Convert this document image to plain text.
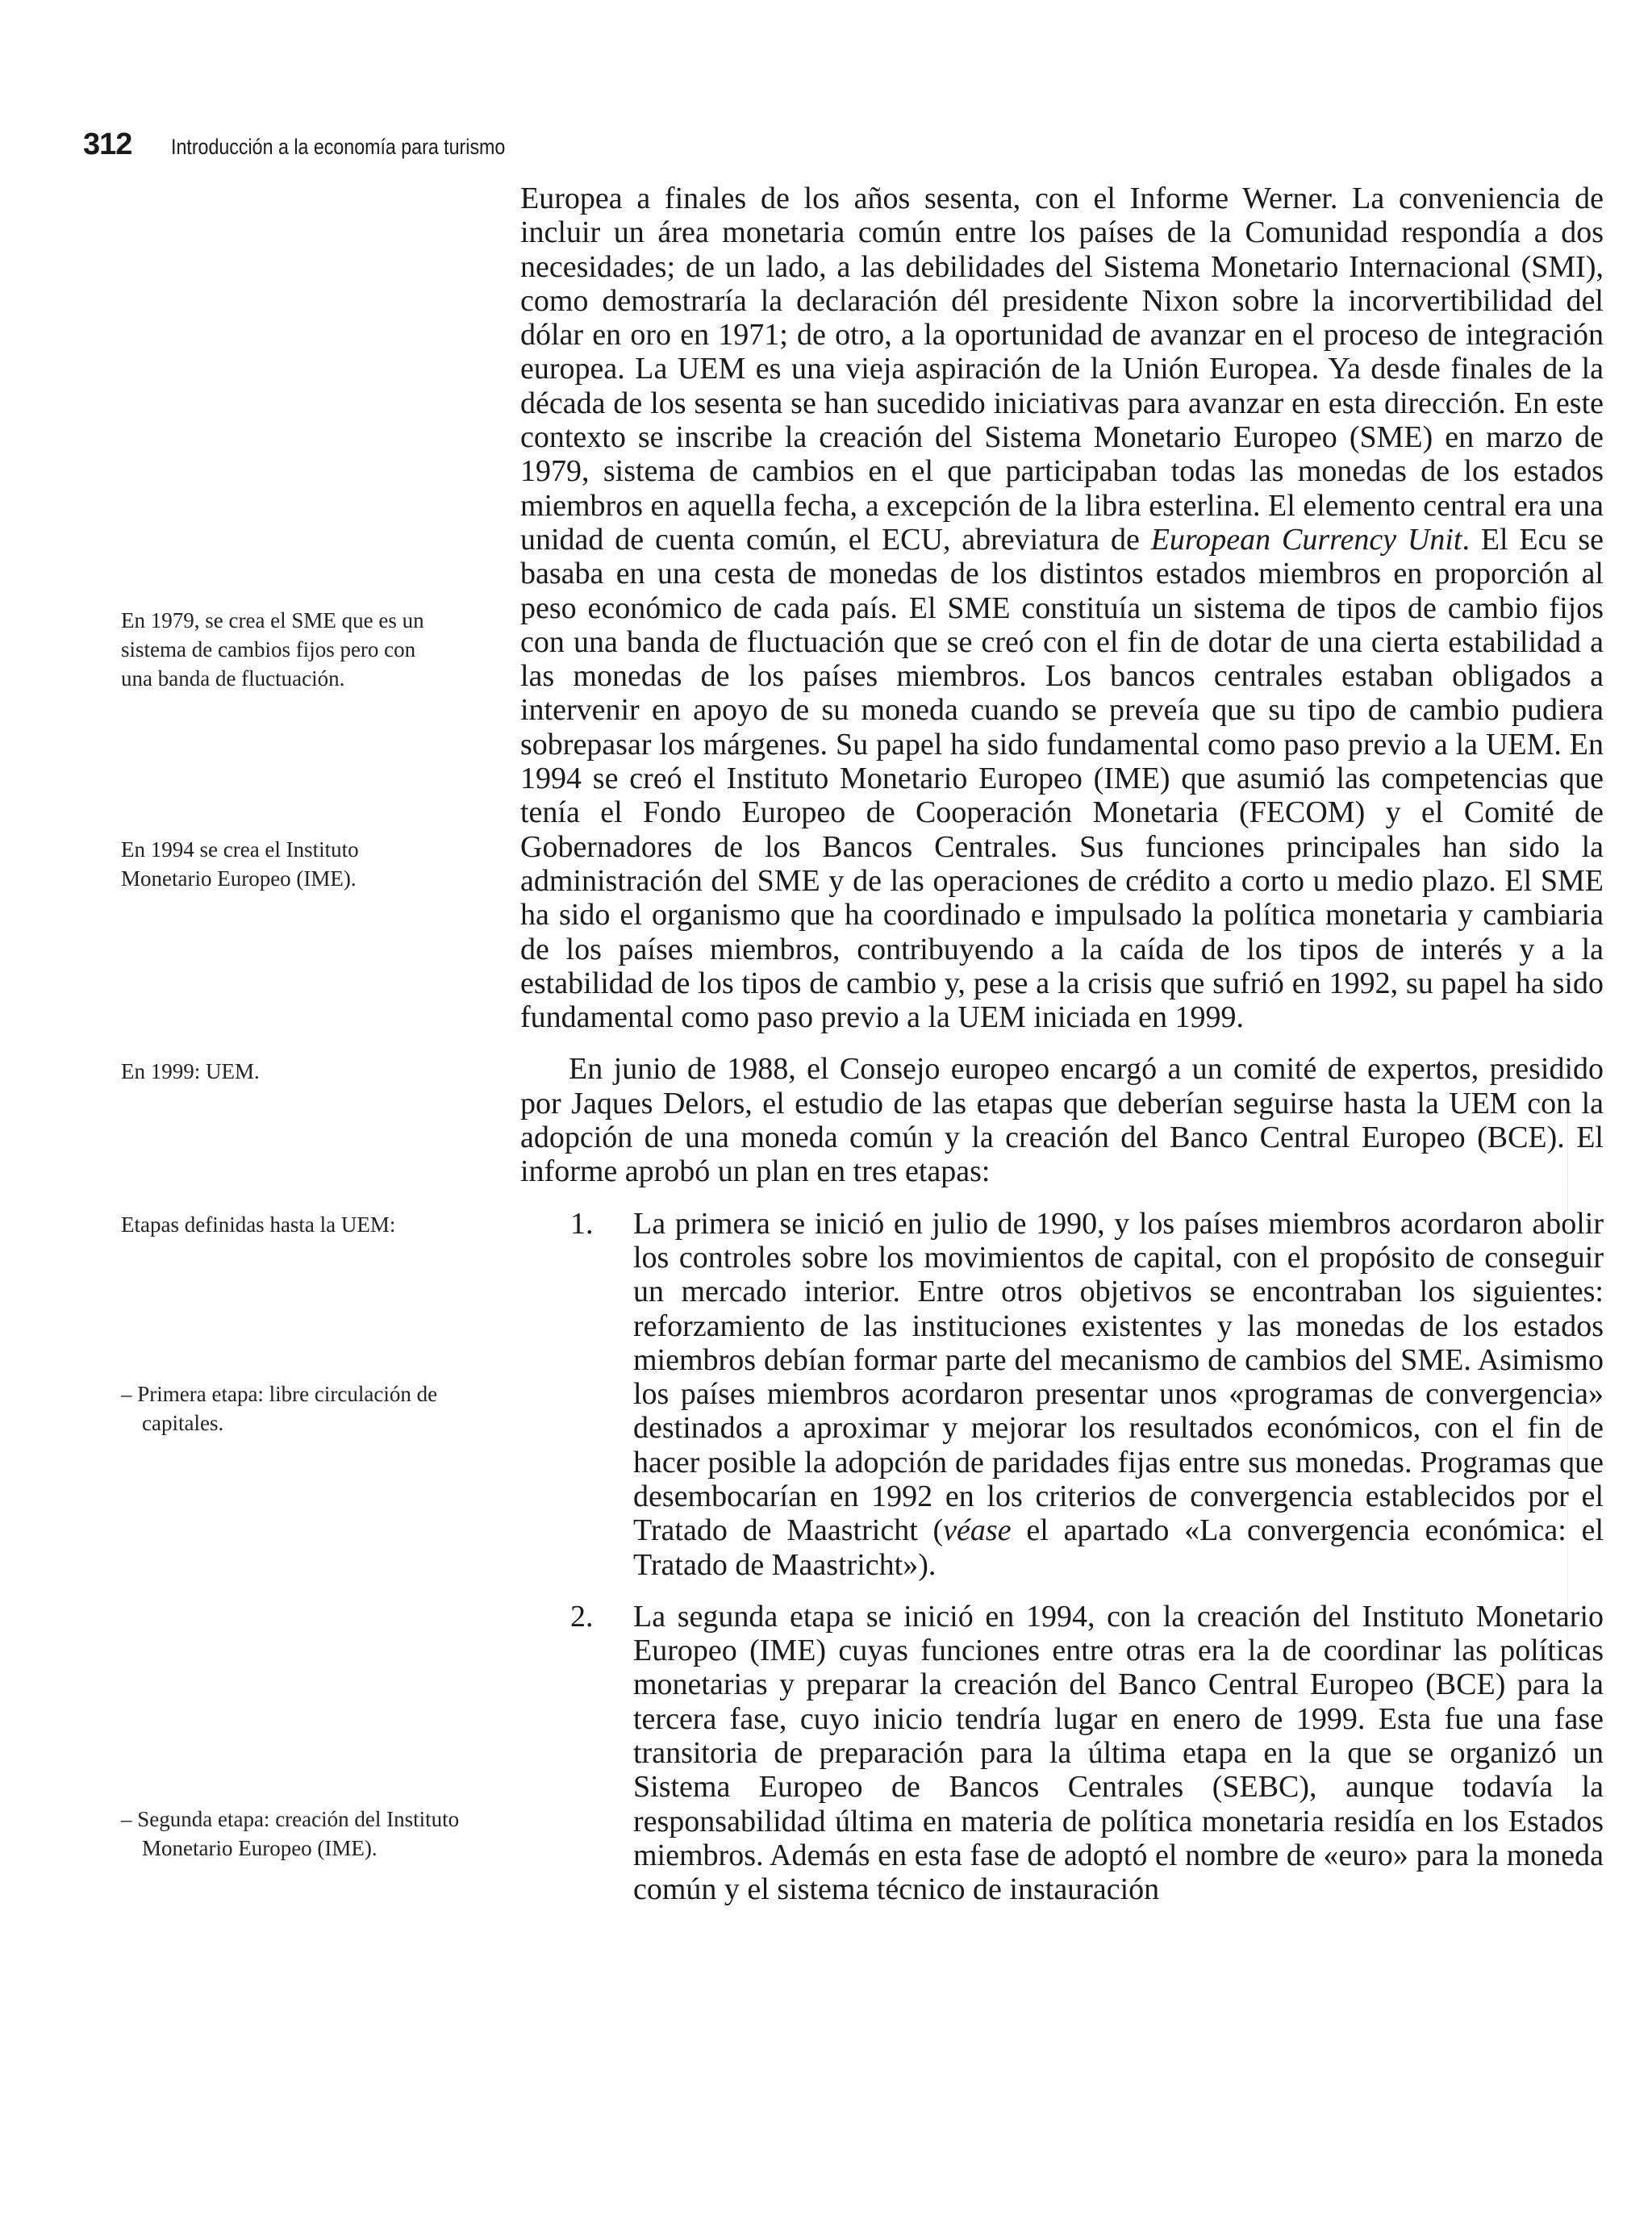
312 Introducción a la economía para turismo

En 1979, se crea el SME que es un sistema de cambios fijos pero con una banda de fluctuación.

En 1994 se crea el Instituto Monetario Europeo (IME).

En 1999: UEM.

Etapas definidas hasta la UEM:

– Primera etapa: libre circulación de capitales.

– Segunda etapa: creación del Instituto Monetario Europeo (IME).

Europea a finales de los años sesenta, con el Informe Werner. La conveniencia de incluir un área monetaria común entre los países de la Comunidad respondía a dos necesidades; de un lado, a las debilidades del Sistema Monetario Internacional (SMI), como demostraría la declaración dél presidente Nixon sobre la incorvertibilidad del dólar en oro en 1971; de otro, a la oportunidad de avanzar en el proceso de integración europea. La UEM es una vieja aspiración de la Unión Europea. Ya desde finales de la década de los sesenta se han sucedido iniciativas para avanzar en esta dirección. En este contexto se inscribe la creación del Sistema Monetario Europeo (SME) en marzo de 1979, sistema de cambios en el que participaban todas las monedas de los estados miembros en aquella fecha, a excepción de la libra esterlina. El elemento central era una unidad de cuenta común, el ECU, abreviatura de European Currency Unit. El Ecu se basaba en una cesta de monedas de los distintos estados miembros en proporción al peso económico de cada país. El SME constituía un sistema de tipos de cambio fijos con una banda de fluctuación que se creó con el fin de dotar de una cierta estabilidad a las monedas de los países miembros. Los bancos centrales estaban obligados a intervenir en apoyo de su moneda cuando se preveía que su tipo de cambio pudiera sobrepasar los márgenes. Su papel ha sido fundamental como paso previo a la UEM. En 1994 se creó el Instituto Monetario Europeo (IME) que asumió las competencias que tenía el Fondo Europeo de Cooperación Monetaria (FECOM) y el Comité de Gobernadores de los Bancos Centrales. Sus funciones principales han sido la administración del SME y de las operaciones de crédito a corto u medio plazo. El SME ha sido el organismo que ha coordinado e impulsado la política monetaria y cambiaria de los países miembros, contribuyendo a la caída de los tipos de interés y a la estabilidad de los tipos de cambio y, pese a la crisis que sufrió en 1992, su papel ha sido fundamental como paso previo a la UEM iniciada en 1999.

En junio de 1988, el Consejo europeo encargó a un comité de expertos, presidido por Jaques Delors, el estudio de las etapas que deberían seguirse hasta la UEM con la adopción de una moneda común y la creación del Banco Central Europeo (BCE). El informe aprobó un plan en tres etapas:

1. La primera se inició en julio de 1990, y los países miembros acordaron abolir los controles sobre los movimientos de capital, con el propósito de conseguir un mercado interior. Entre otros objetivos se encontraban los siguientes: reforzamiento de las instituciones existentes y las monedas de los estados miembros debían formar parte del mecanismo de cambios del SME. Asimismo los países miembros acordaron presentar unos «programas de convergencia» destinados a aproximar y mejorar los resultados económicos, con el fin de hacer posible la adopción de paridades fijas entre sus monedas. Programas que desembocarían en 1992 en los criterios de convergencia establecidos por el Tratado de Maastricht (véase el apartado «La convergencia económica: el Tratado de Maastricht»).
2. La segunda etapa se inició en 1994, con la creación del Instituto Monetario Europeo (IME) cuyas funciones entre otras era la de coordinar las políticas monetarias y preparar la creación del Banco Central Europeo (BCE) para la tercera fase, cuyo inicio tendría lugar en enero de 1999. Esta fue una fase transitoria de preparación para la última etapa en la que se organizó un Sistema Europeo de Bancos Centrales (SEBC), aunque todavía la responsabilidad última en materia de política monetaria residía en los Estados miembros. Además en esta fase de adoptó el nombre de «euro» para la moneda común y el sistema técnico de instauración
